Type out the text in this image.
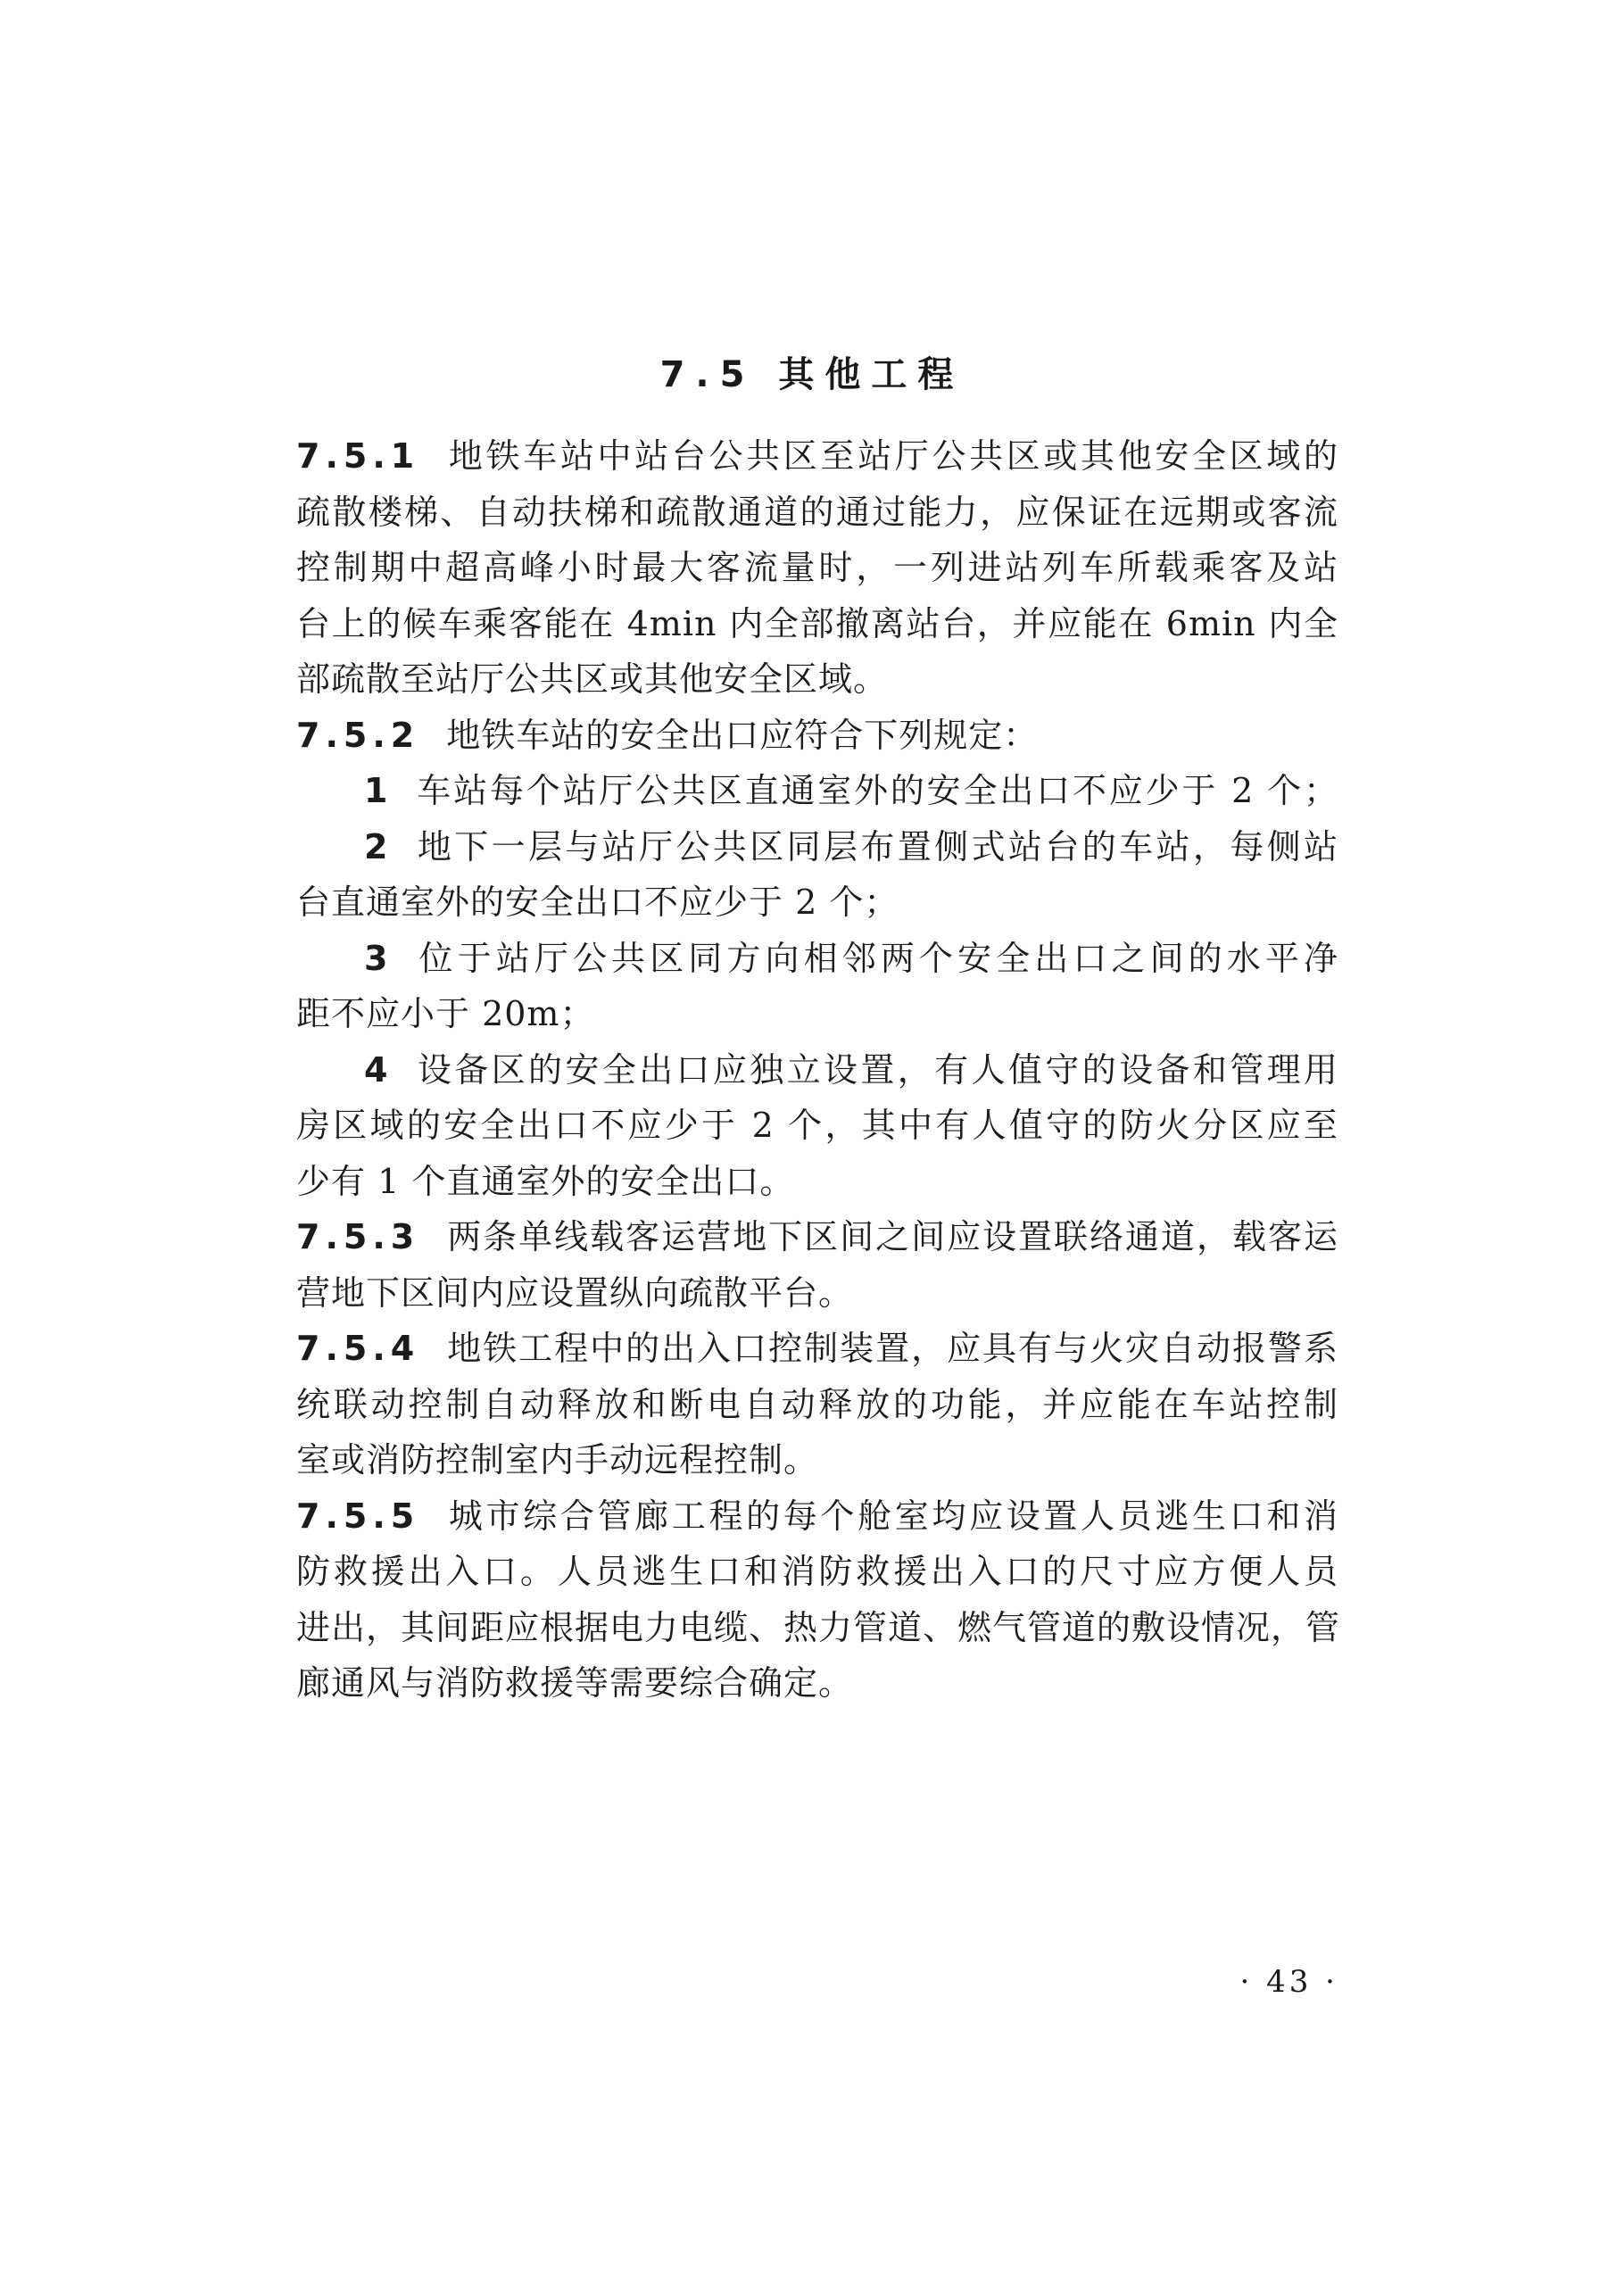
7.5 其他工程
7.5.1 地铁车站中站台公共区至站厅公共区或其他安全区域的
疏散楼梯、自动扶梯和疏散通道的通过能力，应保证在远期或客流
控制期中超高峰小时最大客流量时，一列进站列车所载乘客及站
台上的候车乘客能在 4min 内全部撤离站台，并应能在 6min 内全
部疏散至站厅公共区或其他安全区域。
7.5.2 地铁车站的安全出口应符合下列规定：
1 车站每个站厅公共区直通室外的安全出口不应少于 2 个；
2 地下一层与站厅公共区同层布置侧式站台的车站，每侧站
台直通室外的安全出口不应少于 2 个；
3 位于站厅公共区同方向相邻两个安全出口之间的水平净
距不应小于 20m；
4 设备区的安全出口应独立设置，有人值守的设备和管理用
房区域的安全出口不应少于 2 个，其中有人值守的防火分区应至
少有 1 个直通室外的安全出口。
7.5.3 两条单线载客运营地下区间之间应设置联络通道，载客运
营地下区间内应设置纵向疏散平台。
7.5.4 地铁工程中的出入口控制装置，应具有与火灾自动报警系
统联动控制自动释放和断电自动释放的功能，并应能在车站控制
室或消防控制室内手动远程控制。
7.5.5 城市综合管廊工程的每个舱室均应设置人员逃生口和消
防救援出入口。人员逃生口和消防救援出入口的尺寸应方便人员
进出，其间距应根据电力电缆、热力管道、燃气管道的敷设情况，管
廊通风与消防救援等需要综合确定。
· 43 ·
